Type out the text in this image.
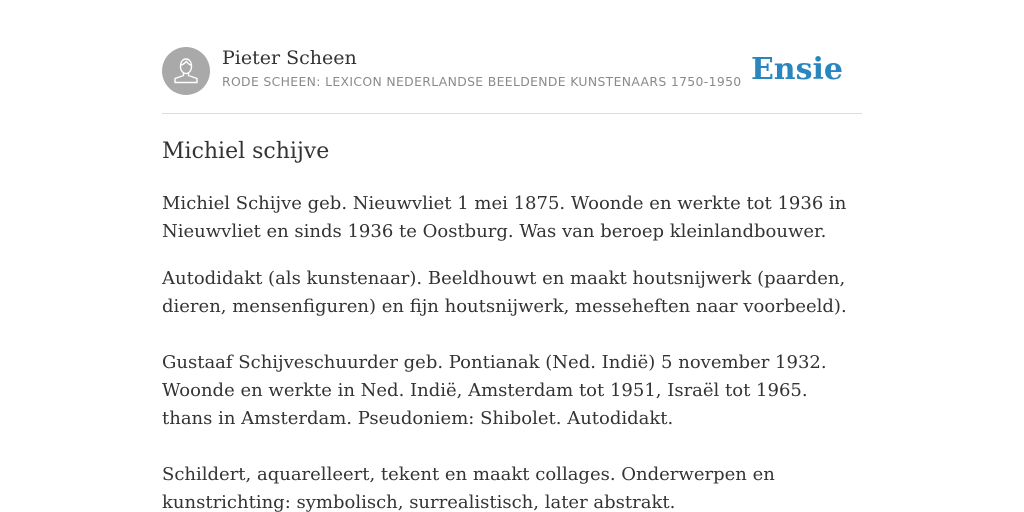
Pieter Scheen
RODE SCHEEN: LEXICON NEDERLANDSE BEELDENDE KUNSTENAARS 1750-1950 Ensie
Michiel schijve

Michiel Schijve geb. Nieuwvliet 1 mei 1875. Woonde en werkte tot 1936 in Nieuwvliet en sinds 1936 te Oostburg. Was van beroep kleinlandbouwer.

Autodidakt (als kunstenaar). Beeldhouwt en maakt houtsnijwerk (paarden, dieren, mensenfiguren) en fijn houtsnijwerk, messeheften naar voorbeeld).

Gustaaf Schijveschuurder geb. Pontianak (Ned. Indië) 5 november 1932. Woonde en werkte in Ned. Indië, Amsterdam tot 1951, Israël tot 1965. thans in Amsterdam. Pseudoniem: Shibolet. Autodidakt.

Schildert, aquarelleert, tekent en maakt collages. Onderwerpen en kunstrichting: symbolisch, surrealistisch, later abstrakt.
